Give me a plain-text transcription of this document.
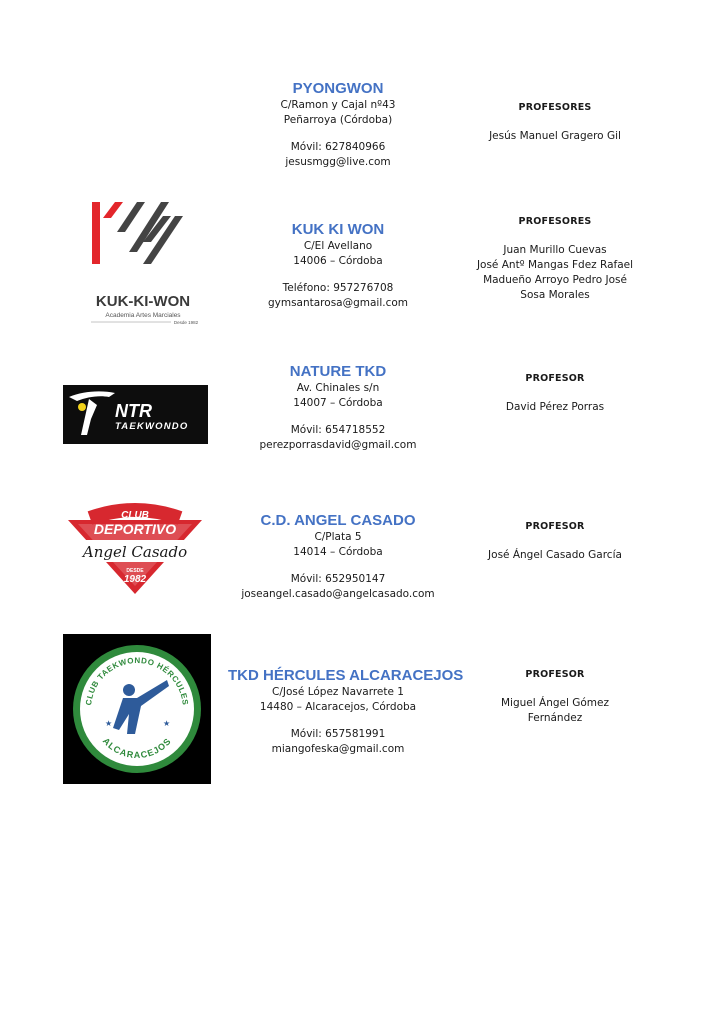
PYONGWON
C/Ramon y Cajal nº43
Peñarroya (Córdoba)
Móvil: 627840966
jesusmgg@live.com
PROFESORES
Jesús Manuel Gragero Gil
KUK-KI-WON
Academia Artes Marciales
Desde 1982
KUK KI WON
C/El Avellano
14006 – Córdoba
Teléfono: 957276708
gymsantarosa@gmail.com
PROFESORES
Juan Murillo Cuevas
José Antº Mangas Fdez Rafael
Madueño Arroyo Pedro José
Sosa Morales
NTR
TAEKWONDO
NATURE TKD
Av. Chinales s/n
14007 – Córdoba
Móvil: 654718552
perezporrasdavid@gmail.com
PROFESOR
David Pérez Porras
CLUB
DEPORTIVO
Angel Casado
DESDE
1982
C.D. ANGEL CASADO
C/Plata 5
14014 – Córdoba
Móvil: 652950147
joseangel.casado@angelcasado.com
PROFESOR
José Ángel Casado García
CLUB TAEKWONDO HÉRCULES
ALCARACEJOS
★	★
TKD HÉRCULES ALCARACEJOS
C/José López Navarrete 1
14480 – Alcaracejos, Córdoba
Móvil: 657581991
miangofeska@gmail.com
PROFESOR
Miguel Ángel Gómez
Fernández
